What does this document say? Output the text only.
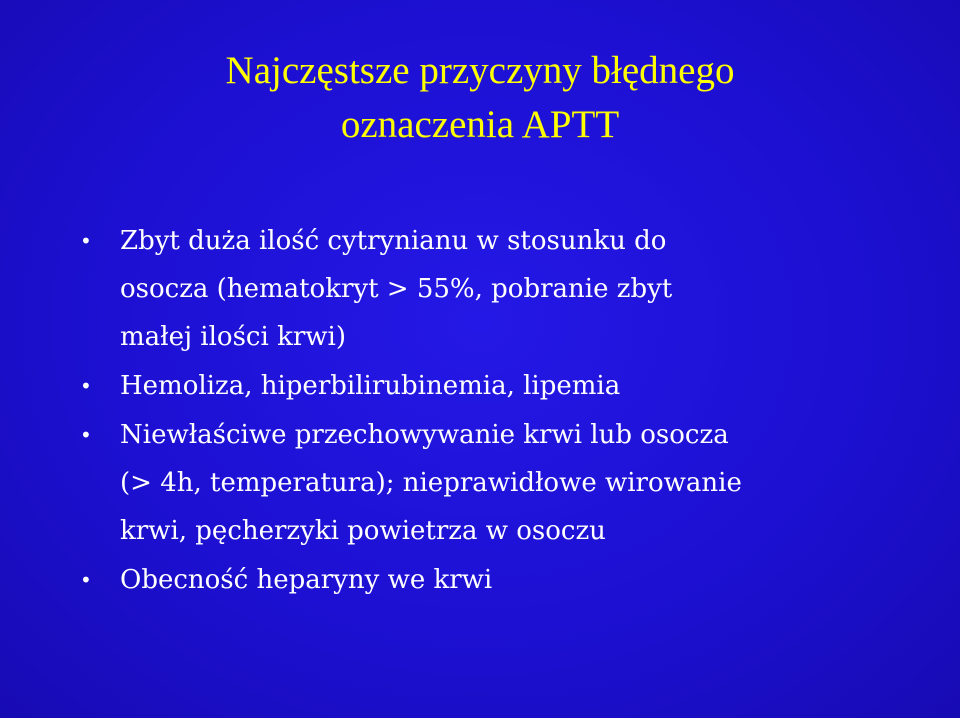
Najczęstsze przyczyny błędnego
oznaczenia APTT
•	Zbyt duża ilość cytrynianu w stosunku do
osocza (hematokryt > 55%, pobranie zbyt
małej ilości krwi)
•	Hemoliza, hiperbilirubinemia, lipemia
•	Niewłaściwe przechowywanie krwi lub osocza
(> 4h, temperatura); nieprawidłowe wirowanie
krwi, pęcherzyki powietrza w osoczu
•	Obecność heparyny we krwi
